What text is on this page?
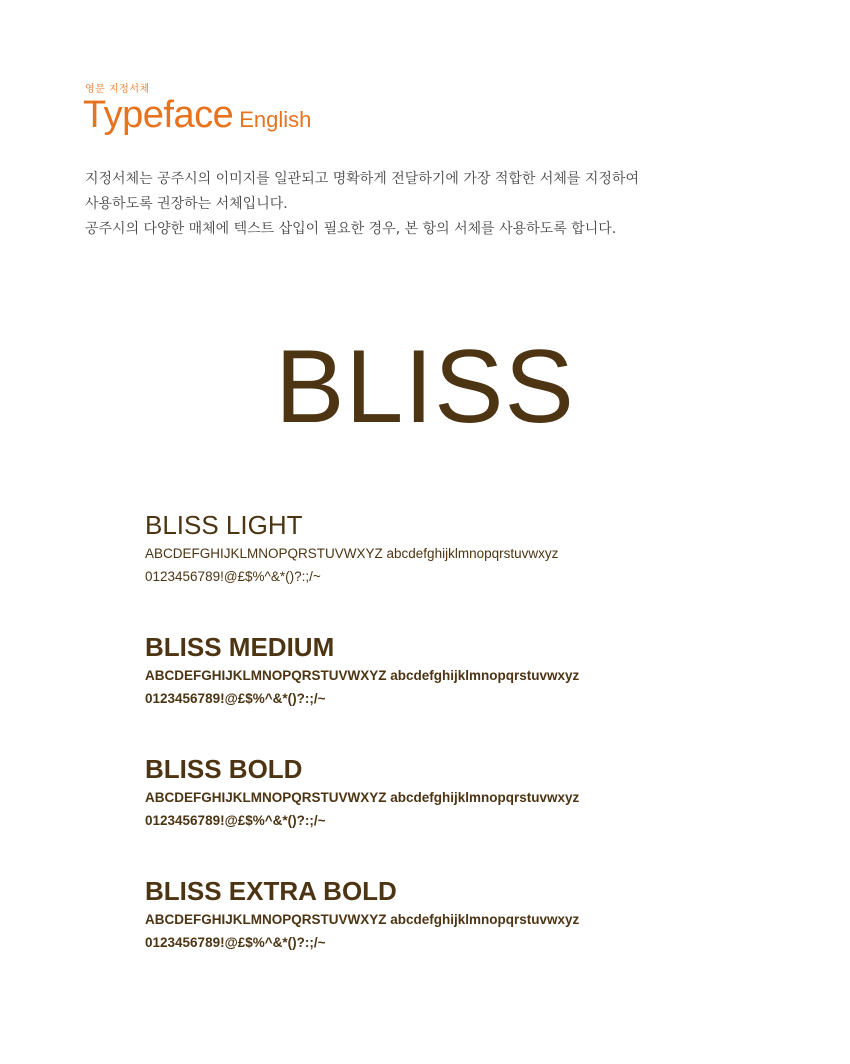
영문 지정서체
Typeface English

지정서체는 공주시의 이미지를 일관되고 명확하게 전달하기에 가장 적합한 서체를 지정하여

사용하도록 권장하는 서체입니다.

공주시의 다양한 매체에 텍스트 삽입이 필요한 경우, 본 항의 서체를 사용하도록 합니다.

BLISS
BLISS LIGHT
ABCDEFGHIJKLMNOPQRSTUVWXYZ abcdefghijklmnopqrstuvwxyz
0123456789!@£$%^&*()?:;/~
BLISS MEDIUM
ABCDEFGHIJKLMNOPQRSTUVWXYZ abcdefghijklmnopqrstuvwxyz
0123456789!@£$%^&*()?:;/~
BLISS BOLD
ABCDEFGHIJKLMNOPQRSTUVWXYZ abcdefghijklmnopqrstuvwxyz
0123456789!@£$%^&*()?:;/~
BLISS EXTRA BOLD
ABCDEFGHIJKLMNOPQRSTUVWXYZ abcdefghijklmnopqrstuvwxyz
0123456789!@£$%^&*()?:;/~
